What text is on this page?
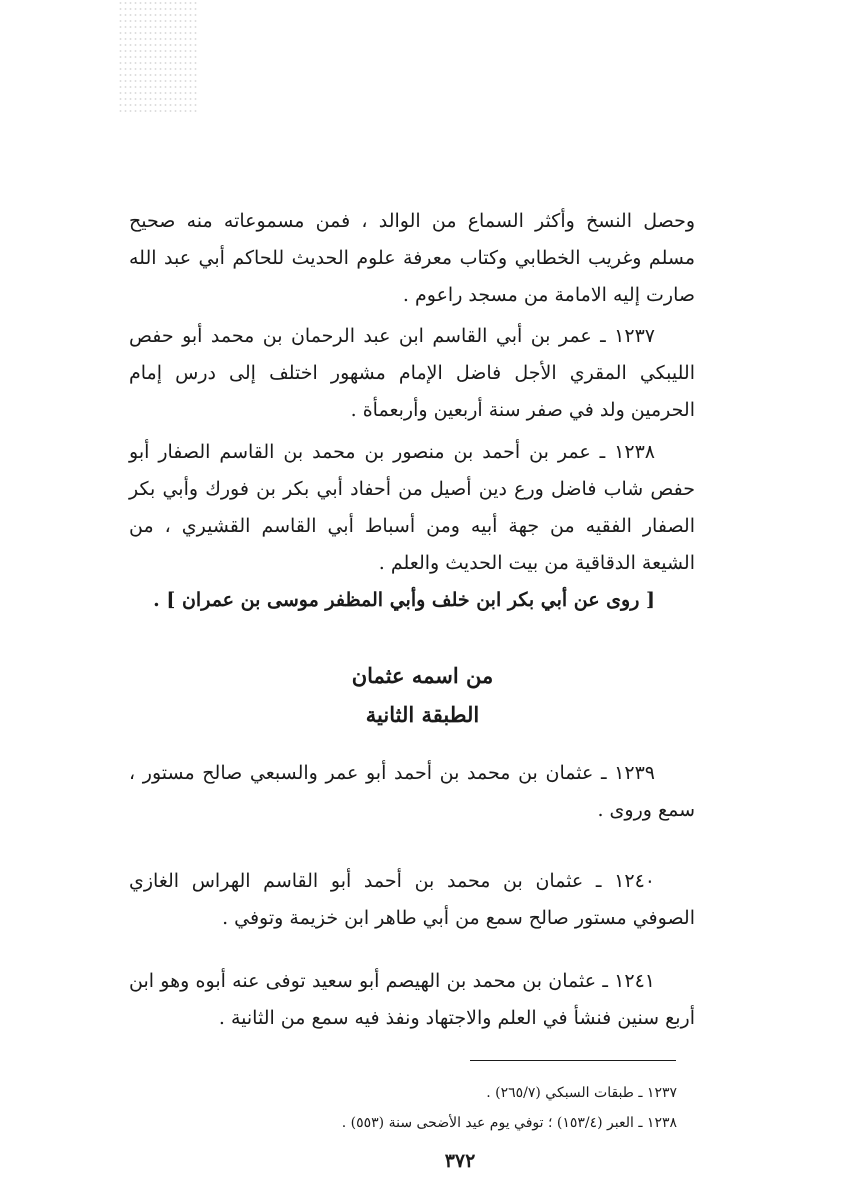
وحصل النسخ وأكثر السماع من الوالد ، فمن مسموعاته منه صحيح مسلم وغريب الخطابي وكتاب معرفة علوم الحديث للحاكم أبي عبد الله صارت إليه الامامة من مسجد راعوم .

١٢٣٧ ـ عمر بن أبي القاسم ابن عبد الرحمان بن محمد أبو حفص الليبكي المقري الأجل فاضل الإمام مشهور اختلف إلى درس إمام الحرمين ولد في صفر سنة أربعين وأربعمأة .

١٢٣٨ ـ عمر بن أحمد بن منصور بن محمد بن القاسم الصفار أبو حفص شاب فاضل ورع دين أصيل من أحفاد أبي بكر بن فورك وأبي بكر الصفار الفقيه من جهة أبيه ومن أسباط أبي القاسم القشيري ، من الشيعة الدقاقية من بيت الحديث والعلم .

[ روى عن أبي بكر ابن خلف وأبي المظفر موسى بن عمران ] .

من اسمه عثمان
الطبقة الثانية

١٢٣٩ ـ عثمان بن محمد بن أحمد أبو عمر والسبعي صالح مستور ، سمع وروى .

١٢٤٠ ـ عثمان بن محمد بن أحمد أبو القاسم الهراس الغازي الصوفي مستور صالح سمع من أبي طاهر ابن خزيمة وتوفي .

١٢٤١ ـ عثمان بن محمد بن الهيصم أبو سعيد توفى عنه أبوه وهو ابن أربع سنين فنشأ في العلم والاجتهاد ونفذ فيه سمع من الثانية .

١٢٣٧ ـ طبقات السبكي (٢٦٥/٧) .

١٢٣٨ ـ العبر (١٥٣/٤) ؛ توفي يوم عيد الأضحى سنة (٥٥٣) .

٣٧٢
